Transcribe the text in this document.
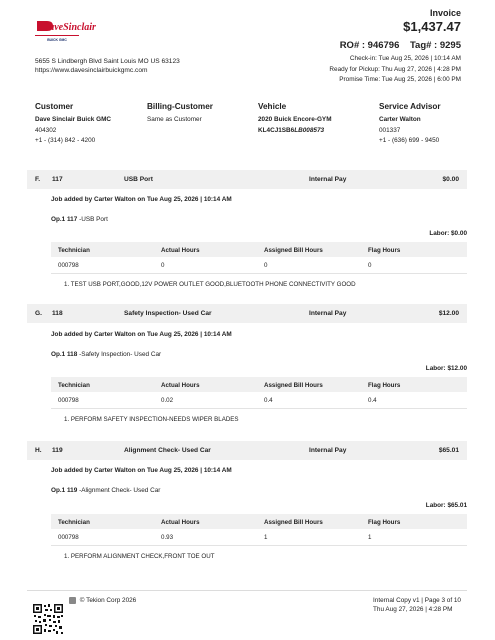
DaveSinclair
BUICK GMC
5655 S Lindbergh Blvd Saint Louis MO US 63123
https://www.davesinclairbuickgmc.com
Invoice
$1,437.47
RO# : 946796 Tag# : 9295
Check-in: Tue Aug 25, 2026 | 10:14 AM
Ready for Pickup: Thu Aug 27, 2026 | 4:28 PM
Promise Time: Tue Aug 25, 2026 | 6:00 PM
Customer
Dave Sinclair Buick GMC
404302
+1 - (314) 842 - 4200
Billing-Customer
Same as Customer
Vehicle
2020 Buick Encore-GYM
KL4CJ1SB6LB008573
Service Advisor
Carter Walton
001337
+1 - (636) 699 - 9450
F. 117	USB Port	Internal Pay	$0.00
Job added by Carter Walton on Tue Aug 25, 2026 | 10:14 AM
Op.1 117 -USB Port
Labor: $0.00
Technician	Actual Hours	Assigned Bill Hours	Flag Hours
000798	0	0	0
1. TEST USB PORT,GOOD,12V POWER OUTLET GOOD,BLUETOOTH PHONE CONNECTIVITY GOOD
G. 118	Safety Inspection- Used Car	Internal Pay	$12.00
Job added by Carter Walton on Tue Aug 25, 2026 | 10:14 AM
Op.1 118 -Safety Inspection- Used Car
Labor: $12.00
Technician	Actual Hours	Assigned Bill Hours	Flag Hours
000798	0.02	0.4	0.4
1. PERFORM SAFETY INSPECTION-NEEDS WIPER BLADES
H. 119	Alignment Check- Used Car	Internal Pay	$65.01
Job added by Carter Walton on Tue Aug 25, 2026 | 10:14 AM
Op.1 119 -Alignment Check- Used Car
Labor: $65.01
Technician	Actual Hours	Assigned Bill Hours	Flag Hours
000798	0.93	1	1
1. PERFORM ALIGNMENT CHECK,FRONT TOE OUT
© Tekion Corp 2026	Internal Copy v1 | Page 3 of 10
Thu Aug 27, 2026 | 4:28 PM
